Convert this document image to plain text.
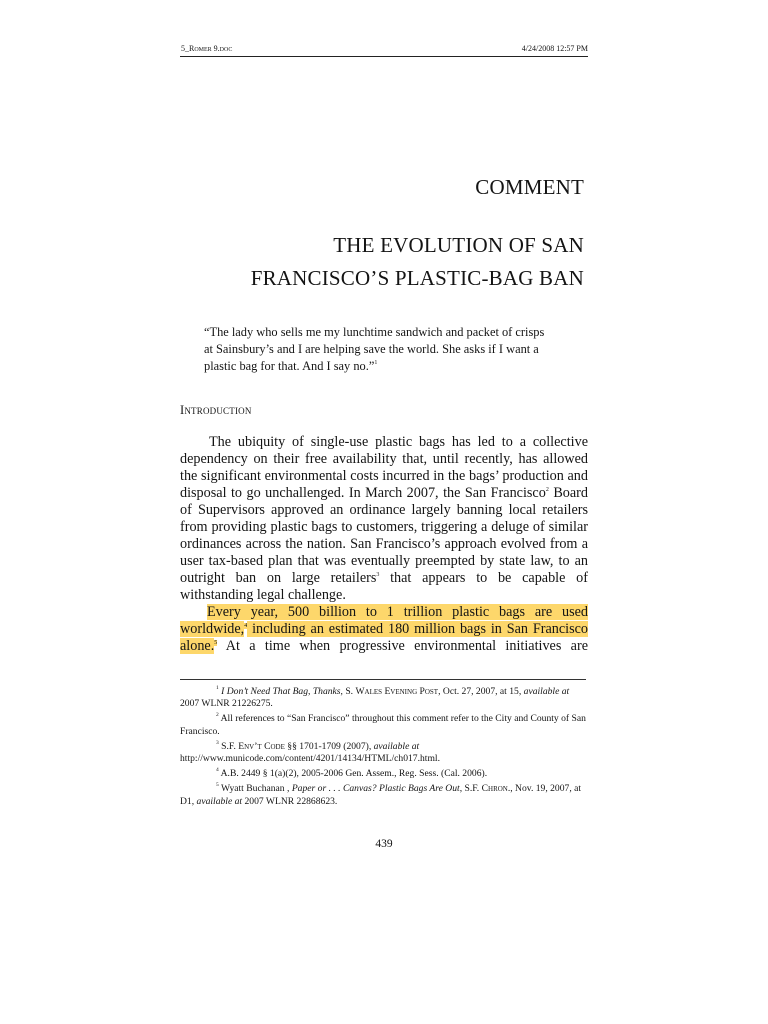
5_Romer 9.doc	4/24/2008 12:57 PM
COMMENT
THE EVOLUTION OF SAN
FRANCISCO’S PLASTIC-BAG BAN
“The lady who sells me my lunchtime sandwich and packet of crisps at Sainsbury’s and I are helping save the world. She asks if I want a plastic bag for that. And I say no.”$^1$
Introduction
The ubiquity of single-use plastic bags has led to a collective dependency on their free availability that, until recently, has allowed the significant environmental costs incurred in the bags’ production and disposal to go unchallenged. In March 2007, the San Francisco$^2$ Board of Supervisors approved an ordinance largely banning local retailers from providing plastic bags to customers, triggering a deluge of similar ordinances across the nation. San Francisco’s approach evolved from a user tax-based plan that was eventually preempted by state law, to an outright ban on large retailers$^3$ that appears to be capable of withstanding legal challenge.
Every year, 500 billion to 1 trillion plastic bags are used worldwide,$^4$ including an estimated 180 million bags in San Francisco alone.$^5$ At a time when progressive environmental initiatives are
$^1$ I Don’t Need That Bag, Thanks, S. Wales Evening Post, Oct. 27, 2007, at 15, available at 2007 WLNR 21226275.
$^2$ All references to “San Francisco” throughout this comment refer to the City and County of San Francisco.
$^3$ S.F. Env’t Code §§ 1701-1709 (2007), available at http://www.municode.com/content/4201/14134/HTML/ch017.html.
$^4$ A.B. 2449 § 1(a)(2), 2005-2006 Gen. Assem., Reg. Sess. (Cal. 2006).
$^5$ Wyatt Buchanan , Paper or . . . Canvas? Plastic Bags Are Out, S.F. Chron., Nov. 19, 2007, at D1, available at 2007 WLNR 22868623.
439
